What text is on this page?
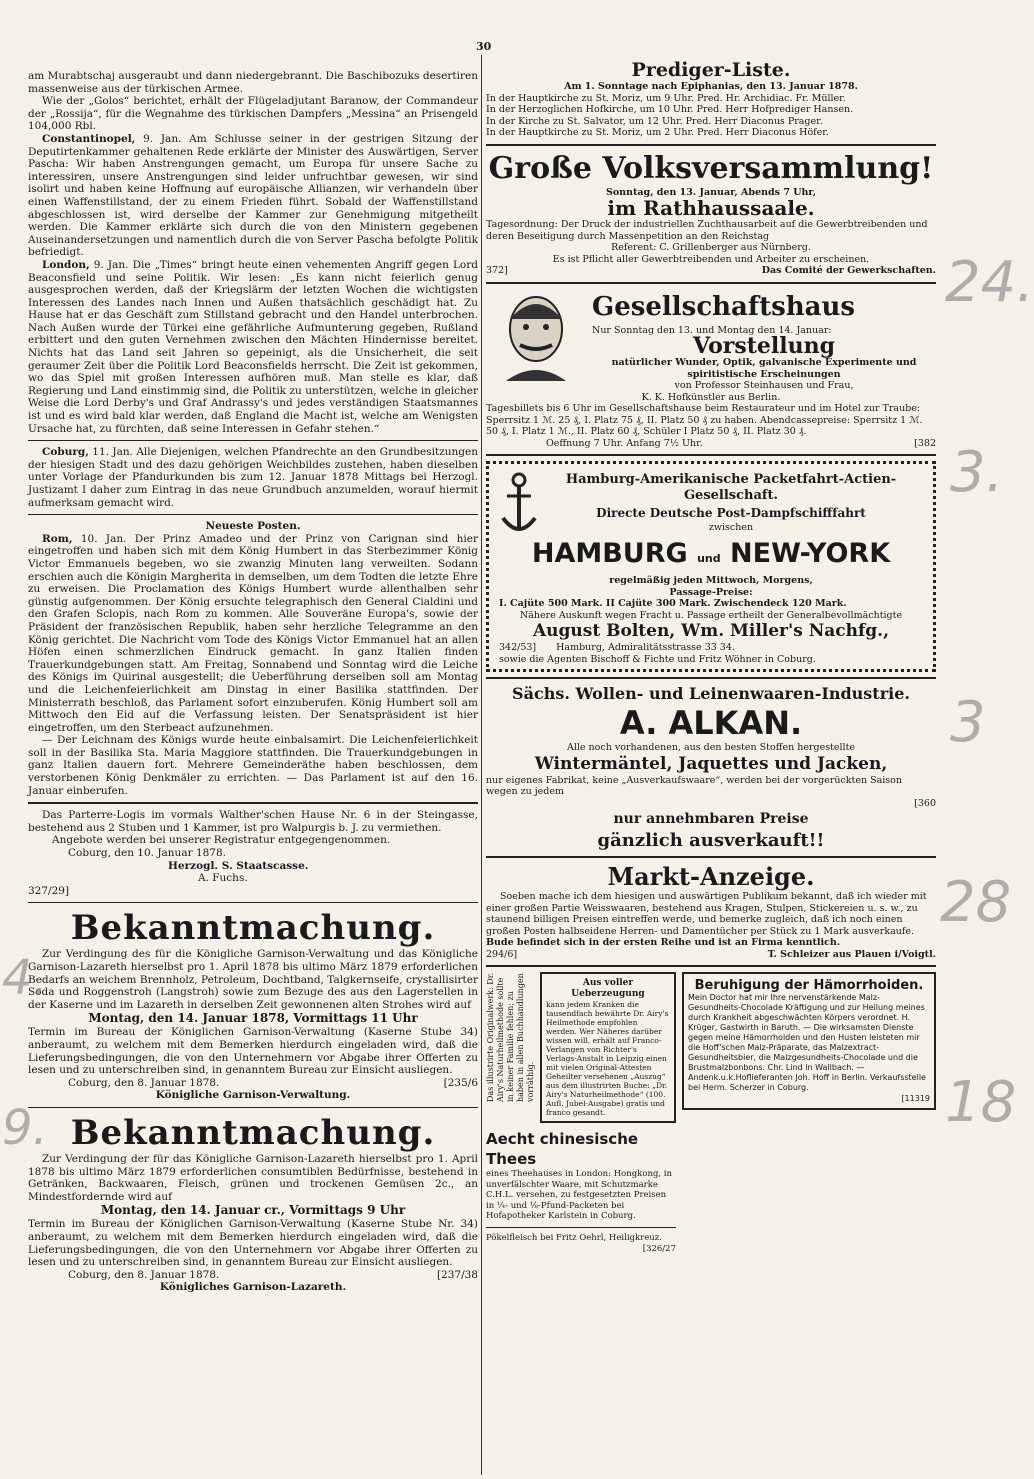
30

am Murabtschaj ausgeraubt und dann niedergebrannt. Die Baschibozuks desertiren massenweise aus der türkischen Armee.

Wie der „Golos“ berichtet, erhält der Flügeladjutant Baranow, der Commandeur der „Rossija“, für die Wegnahme des türkischen Dampfers „Messina“ an Prisengeld 104,000 Rbl.

Constantinopel, 9. Jan. Am Schlusse seiner in der gestrigen Sitzung der Deputirtenkammer gehaltenen Rede erklärte der Minister des Auswärtigen, Server Pascha: Wir haben Anstrengungen gemacht, um Europa für unsere Sache zu interessiren, unsere Anstrengungen sind leider unfruchtbar gewesen, wir sind isolirt und haben keine Hoffnung auf europäische Allianzen, wir verhandeln über einen Waffenstillstand, der zu einem Frieden führt. Sobald der Waffenstillstand abgeschlossen ist, wird derselbe der Kammer zur Genehmigung mitgetheilt werden. Die Kammer erklärte sich durch die von den Ministern gegebenen Auseinandersetzungen und namentlich durch die von Server Pascha befolgte Politik befriedigt.

London, 9. Jan. Die „Times“ bringt heute einen vehementen Angriff gegen Lord Beaconsfield und seine Politik. Wir lesen: „Es kann nicht feierlich genug ausgesprochen werden, daß der Kriegslärm der letzten Wochen die wichtigsten Interessen des Landes nach Innen und Außen thatsächlich geschädigt hat. Zu Hause hat er das Geschäft zum Stillstand gebracht und den Handel unterbrochen. Nach Außen wurde der Türkei eine gefährliche Aufmunterung gegeben, Rußland erbittert und den guten Vernehmen zwischen den Mächten Hindernisse bereitet. Nichts hat das Land seit Jahren so gepeinigt, als die Unsicherheit, die seit geraumer Zeit über die Politik Lord Beaconsfields herrscht. Die Zeit ist gekommen, wo das Spiel mit großen Interessen aufhören muß. Man stelle es klar, daß Regierung und Land einstimmig sind, die Politik zu unterstützen, welche in gleicher Weise die Lord Derby's und Graf Andrassy's und jedes verständigen Staatsmannes ist und es wird bald klar werden, daß England die Macht ist, welche am Wenigsten Ursache hat, zu fürchten, daß seine Interessen in Gefahr stehen.“

Coburg, 11. Jan. Alle Diejenigen, welchen Pfandrechte an den Grundbesitzungen der hiesigen Stadt und des dazu gehörigen Weichbildes zustehen, haben dieselben unter Vorlage der Pfandurkunden bis zum 12. Januar 1878 Mittags bei Herzogl. Justizamt I daher zum Eintrag in das neue Grundbuch anzumelden, worauf hiermit aufmerksam gemacht wird.

Neueste Posten.

Rom, 10. Jan. Der Prinz Amadeo und der Prinz von Carignan sind hier eingetroffen und haben sich mit dem König Humbert in das Sterbezimmer König Victor Emmanuels begeben, wo sie zwanzig Minuten lang verweilten. Sodann erschien auch die Königin Margherita in demselben, um dem Todten die letzte Ehre zu erweisen. Die Proclamation des Königs Humbert wurde allenthalben sehr günstig aufgenommen. Der König ersuchte telegraphisch den General Cialdini und den Grafen Sclopis, nach Rom zu kommen. Alle Souveräne Europa's, sowie der Präsident der französischen Republik, haben sehr herzliche Telegramme an den König gerichtet. Die Nachricht vom Tode des Königs Victor Emmanuel hat an allen Höfen einen schmerzlichen Eindruck gemacht. In ganz Italien finden Trauerkundgebungen statt. Am Freitag, Sonnabend und Sonntag wird die Leiche des Königs im Quirinal ausgestellt; die Ueberführung derselben soll am Montag und die Leichenfeierlichkeit am Dinstag in einer Basilika stattfinden. Der Ministerrath beschloß, das Parlament sofort einzuberufen. König Humbert soll am Mittwoch den Eid auf die Verfassung leisten. Der Senatspräsident ist hier eingetroffen, um den Sterbeact aufzunehmen.

— Der Leichnam des Königs wurde heute einbalsamirt. Die Leichenfeierlichkeit soll in der Basilika Sta. Maria Maggiore stattfinden. Die Trauerkundgebungen in ganz Italien dauern fort. Mehrere Gemeinderäthe haben beschlossen, dem verstorbenen König Denkmäler zu errichten. — Das Parlament ist auf den 16. Januar einberufen.

Das Parterre-Logis im vormals Walther'schen Hause Nr. 6 in der Steingasse, bestehend aus 2 Stuben und 1 Kammer, ist pro Walpurgis b. J. zu vermiethen.

Angebote werden bei unserer Registratur entgegengenommen.

Coburg, den 10. Januar 1878.

Herzogl. S. Staatscasse.

A. Fuchs.

327/29]

Bekanntmachung.

Zur Verdingung des für die Königliche Garnison-Verwaltung und das Königliche Garnison-Lazareth hierselbst pro 1. April 1878 bis ultimo März 1879 erforderlichen Bedarfs an weichem Brennholz, Petroleum, Dochtband, Talgkernseife, crystallisirter Soda und Roggenstroh (Langstroh) sowie zum Bezuge des aus den Lagerstellen in der Kaserne und im Lazareth in derselben Zeit gewonnenen alten Strohes wird auf

Montag, den 14. Januar 1878, Vormittags 11 Uhr

Termin im Bureau der Königlichen Garnison-Verwaltung (Kaserne Stube 34) anberaumt, zu welchem mit dem Bemerken hierdurch eingeladen wird, daß die Lieferungsbedingungen, die von den Unternehmern vor Abgabe ihrer Offerten zu lesen und zu unterschreiben sind, in genanntem Bureau zur Einsicht ausliegen.

Coburg, den 8. Januar 1878.	[235/6

Königliche Garnison-Verwaltung.

Bekanntmachung.

Zur Verdingung der für das Königliche Garnison-Lazareth hierselbst pro 1. April 1878 bis ultimo März 1879 erforderlichen consumtiblen Bedürfnisse, bestehend in Getränken, Backwaaren, Fleisch, grünen und trockenen Gemüsen 2c., an Mindestfordernde wird auf

Montag, den 14. Januar cr., Vormittags 9 Uhr

Termin im Bureau der Königlichen Garnison-Verwaltung (Kaserne Stube Nr. 34) anberaumt, zu welchem mit dem Bemerken hierdurch eingeladen wird, daß die Lieferungsbedingungen, die von den Unternehmern vor Abgabe ihrer Offerten zu lesen und zu unterschreiben sind, in genanntem Bureau zur Einsicht ausliegen.

Coburg, den 8. Januar 1878.	[237/38

Königliches Garnison-Lazareth.

Prediger-Liste.

Am 1. Sonntage nach Epiphanias, den 13. Januar 1878.

In der Hauptkirche zu St. Moriz, um 9 Uhr. Pred. Hr. Archidiac. Fr. Müller.

In der Herzoglichen Hofkirche, um 10 Uhr. Pred. Herr Hofprediger Hansen.

In der Kirche zu St. Salvator, um 12 Uhr. Pred. Herr Diaconus Prager.

In der Hauptkirche zu St. Moriz, um 2 Uhr. Pred. Herr Diaconus Höfer.

Große Volksversammlung!

Sonntag, den 13. Januar, Abends 7 Uhr,

im Rathhaussaale.

Tagesordnung: Der Druck der industriellen Zuchthausarbeit auf die Gewerbtreibenden und deren Beseitigung durch Massenpetition an den Reichstag

Referent: C. Grillenberger aus Nürnberg.

Es ist Pflicht aller Gewerbtreibenden und Arbeiter zu erscheinen.

372]	Das Comité der Gewerkschaften.

Gesellschaftshaus

Nur Sonntag den 13. und Montag den 14. Januar:

Vorstellung

natürlicher Wunder, Optik, galvanische Experimente und spiritistische Erscheinungen

von Professor Steinhausen und Frau,

K. K. Hofkünstler aus Berlin.

Tagesbillets bis 6 Uhr im Gesellschaftshause beim Restaurateur und im Hotel zur Traube: Sperrsitz 1 ℳ. 25 ₰, I. Platz 75 ₰, II. Platz 50 ₰ zu haben. Abendcassepreise: Sperrsitz 1 ℳ. 50 ₰, I. Platz 1 ℳ., II. Platz 60 ₰, Schüler I Platz 50 ₰, II. Platz 30 ₰.

Oeffnung 7 Uhr. Anfang 7½ Uhr.	[382

Hamburg-Amerikanische Packetfahrt-Actien-Gesellschaft.
Directe Deutsche Post-Dampfschifffahrt
zwischen
HAMBURG und NEW-YORK

regelmäßig jeden Mittwoch, Morgens,

Passage-Preise:

I. Cajüte 500 Mark. II Cajüte 300 Mark. Zwischendeck 120 Mark.

Nähere Auskunft wegen Fracht u. Passage ertheilt der Generalbevollmächtigte

August Bolten, Wm. Miller's Nachfg.,

342/53] Hamburg, Admiralitätsstrasse 33 34.

sowie die Agenten Bischoff & Fichte und Fritz Wöhner in Coburg.

Sächs. Wollen- und Leinenwaaren-Industrie.
A. ALKAN.

Alle noch vorhandenen, aus den besten Stoffen hergestellte

Wintermäntel, Jaquettes und Jacken,

nur eigenes Fabrikat, keine „Ausverkaufswaare“, werden bei der vorgerückten Saison wegen zu jedem

[360

nur annehmbaren Preise
gänzlich ausverkauft!!
Markt-Anzeige.

Soeben mache ich dem hiesigen und auswärtigen Publikum bekannt, daß ich wieder mit einer großen Partie Weisswaaren, bestehend aus Kragen, Stulpen, Stickereien u. s. w., zu staunend billigen Preisen eintreffen werde, und bemerke zugleich, daß ich noch einen großen Posten halbseidene Herren- und Damentücher per Stück zu 1 Mark ausverkaufe.

Bude befindet sich in der ersten Reihe und ist an Firma kenntlich.

294/6]	T. Schleizer aus Plauen i/Voigtl.

Das illustrirte Originalwerk: Dr. Airy's Naturheilmethode sollte in keiner Familie fehlen; zu haben in allen Buchhandlungen vorräthig.

Aus voller Ueberzeugung

kann jedem Kranken die tausendfach bewährte Dr. Airy's Heilmethode empfohlen werden. Wer Näheres darüber wissen will, erhält auf Franco-Verlangen von Richter's Verlags-Anstalt in Leipzig einen mit vielen Original-Attesten Geheilter versehenen „Auszug“ aus dem illustrirten Buche: „Dr. Airy's Naturheilmethode“ (100. Aufl. Jubel-Ausgabe) gratis und franco gesandt.

Beruhigung der Hämorrhoiden.

Mein Doctor hat mir Ihre nervenstärkende Malz-Gesundheits-Chocolade Kräftigung und zur Heilung meines durch Krankheit abgeschwächten Körpers verordnet. H. Krüger, Gastwirth in Baruth. — Die wirksamsten Dienste gegen meine Hämorrhoiden und den Husten leisteten mir die Hoff'schen Malz-Präparate, das Malzextract-Gesundheitsbier, die Malzgesundheits-Chocolade und die Brustmalzbonbons. Chr. Lind in Wallbach. — Andenk.u.k.Hoflieferanten Joh. Hoff in Berlin. Verkaufsstelle bei Herm. Scherzer in Coburg.

[11319

Aecht chinesische Thees

eines Theehauses in London: Hongkong, in unverfälschter Waare, mit Schutzmarke C.H.L. versehen, zu festgesetzten Preisen in ¼- und ⅛-Pfund-Packeten bei Hofapotheker Karlstein in Coburg.

Pökelfleisch bei Fritz Oehrl, Heiligkreuz.

[326/27

24.
3.
3
28
18
4.
9.
